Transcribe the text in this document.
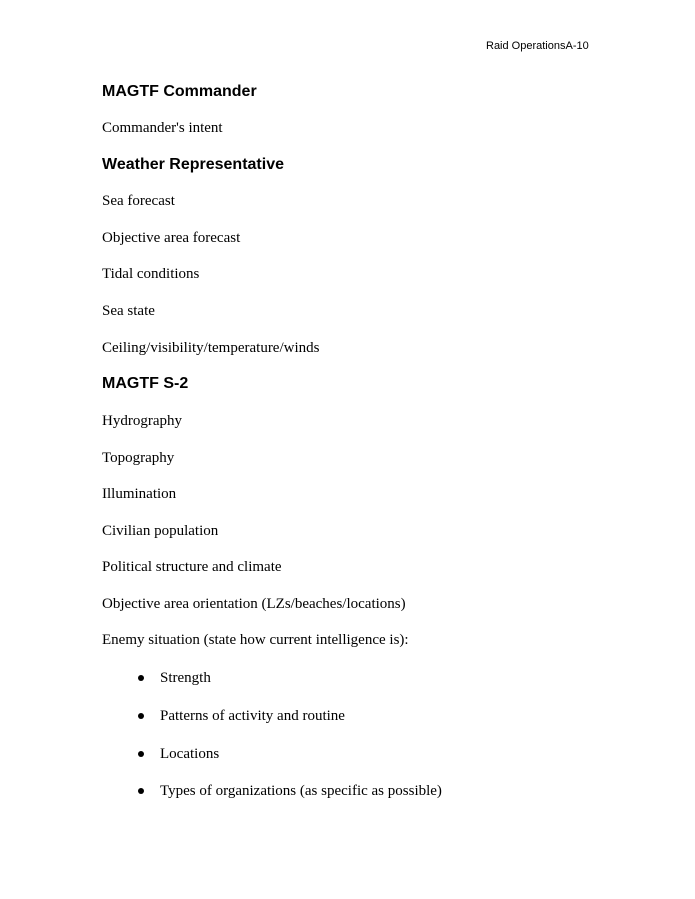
Raid OperationsA-10
MAGTF Commander
Commander's intent
Weather Representative
Sea forecast
Objective area forecast
Tidal conditions
Sea state
Ceiling/visibility/temperature/winds
MAGTF S-2
Hydrography
Topography
Illumination
Civilian population
Political structure and climate
Objective area orientation (LZs/beaches/locations)
Enemy situation (state how current intelligence is):
Strength
Patterns of activity and routine
Locations
Types of organizations (as specific as possible)
